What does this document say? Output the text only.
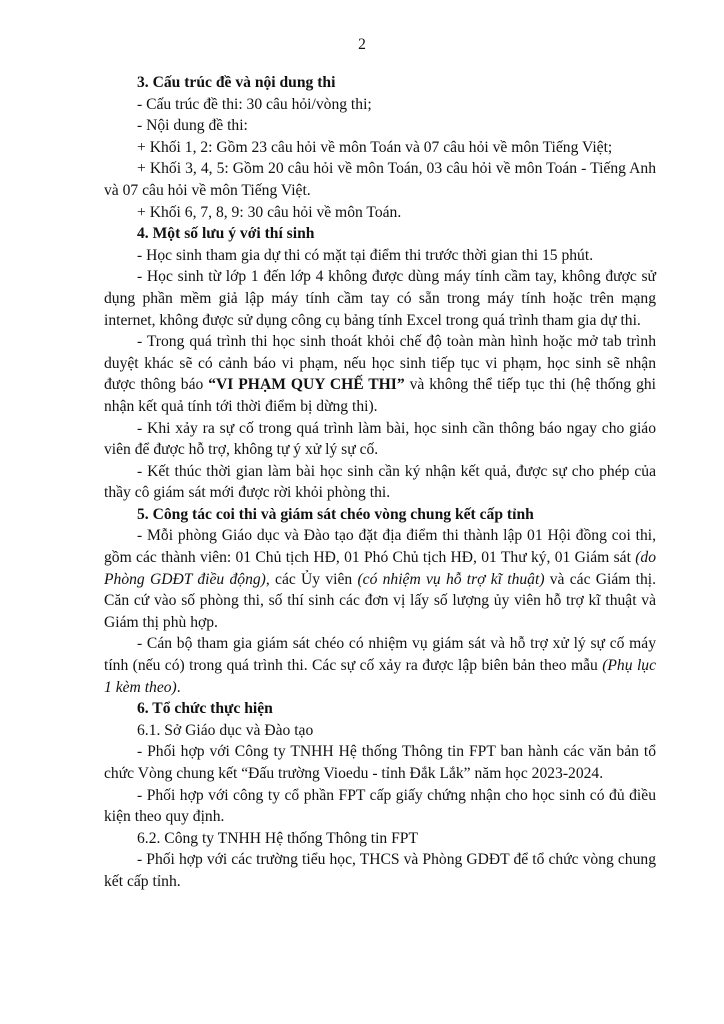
2

3. Cấu trúc đề và nội dung thi

- Cấu trúc đề thi: 30 câu hỏi/vòng thi;

- Nội dung đề thi:

+ Khối 1, 2: Gồm 23 câu hỏi về môn Toán và 07 câu hỏi về môn Tiếng Việt;

+ Khối 3, 4, 5: Gồm 20 câu hỏi về môn Toán, 03 câu hỏi về môn Toán - Tiếng Anh và 07 câu hỏi về môn Tiếng Việt.

+ Khối 6, 7, 8, 9: 30 câu hỏi về môn Toán.

4. Một số lưu ý với thí sinh

- Học sinh tham gia dự thi có mặt tại điểm thi trước thời gian thi 15 phút.

- Học sinh từ lớp 1 đến lớp 4 không được dùng máy tính cầm tay, không được sử dụng phần mềm giả lập máy tính cầm tay có sẵn trong máy tính hoặc trên mạng internet, không được sử dụng công cụ bảng tính Excel trong quá trình tham gia dự thi.

- Trong quá trình thi học sinh thoát khỏi chế độ toàn màn hình hoặc mở tab trình duyệt khác sẽ có cảnh báo vi phạm, nếu học sinh tiếp tục vi phạm, học sinh sẽ nhận được thông báo “VI PHẠM QUY CHẾ THI” và không thể tiếp tục thi (hệ thống ghi nhận kết quả tính tới thời điểm bị dừng thi).

- Khi xảy ra sự cố trong quá trình làm bài, học sinh cần thông báo ngay cho giáo viên để được hỗ trợ, không tự ý xử lý sự cố.

- Kết thúc thời gian làm bài học sinh cần ký nhận kết quả, được sự cho phép của thầy cô giám sát mới được rời khỏi phòng thi.

5. Công tác coi thi và giám sát chéo vòng chung kết cấp tỉnh

- Mỗi phòng Giáo dục và Đào tạo đặt địa điểm thi thành lập 01 Hội đồng coi thi, gồm các thành viên: 01 Chủ tịch HĐ, 01 Phó Chủ tịch HĐ, 01 Thư ký, 01 Giám sát (do Phòng GDĐT điều động), các Ủy viên (có nhiệm vụ hỗ trợ kĩ thuật) và các Giám thị. Căn cứ vào số phòng thi, số thí sinh các đơn vị lấy số lượng ủy viên hỗ trợ kĩ thuật và Giám thị phù hợp.

- Cán bộ tham gia giám sát chéo có nhiệm vụ giám sát và hỗ trợ xử lý sự cố máy tính (nếu có) trong quá trình thi. Các sự cố xảy ra được lập biên bản theo mẫu (Phụ lục 1 kèm theo).

6. Tổ chức thực hiện

6.1. Sở Giáo dục và Đào tạo

- Phối hợp với Công ty TNHH Hệ thống Thông tin FPT ban hành các văn bản tổ chức Vòng chung kết “Đấu trường Vioedu - tỉnh Đắk Lắk” năm học 2023-2024.

- Phối hợp với công ty cổ phần FPT cấp giấy chứng nhận cho học sinh có đủ điều kiện theo quy định.

6.2. Công ty TNHH Hệ thống Thông tin FPT

- Phối hợp với các trường tiểu học, THCS và Phòng GDĐT để tổ chức vòng chung kết cấp tỉnh.
